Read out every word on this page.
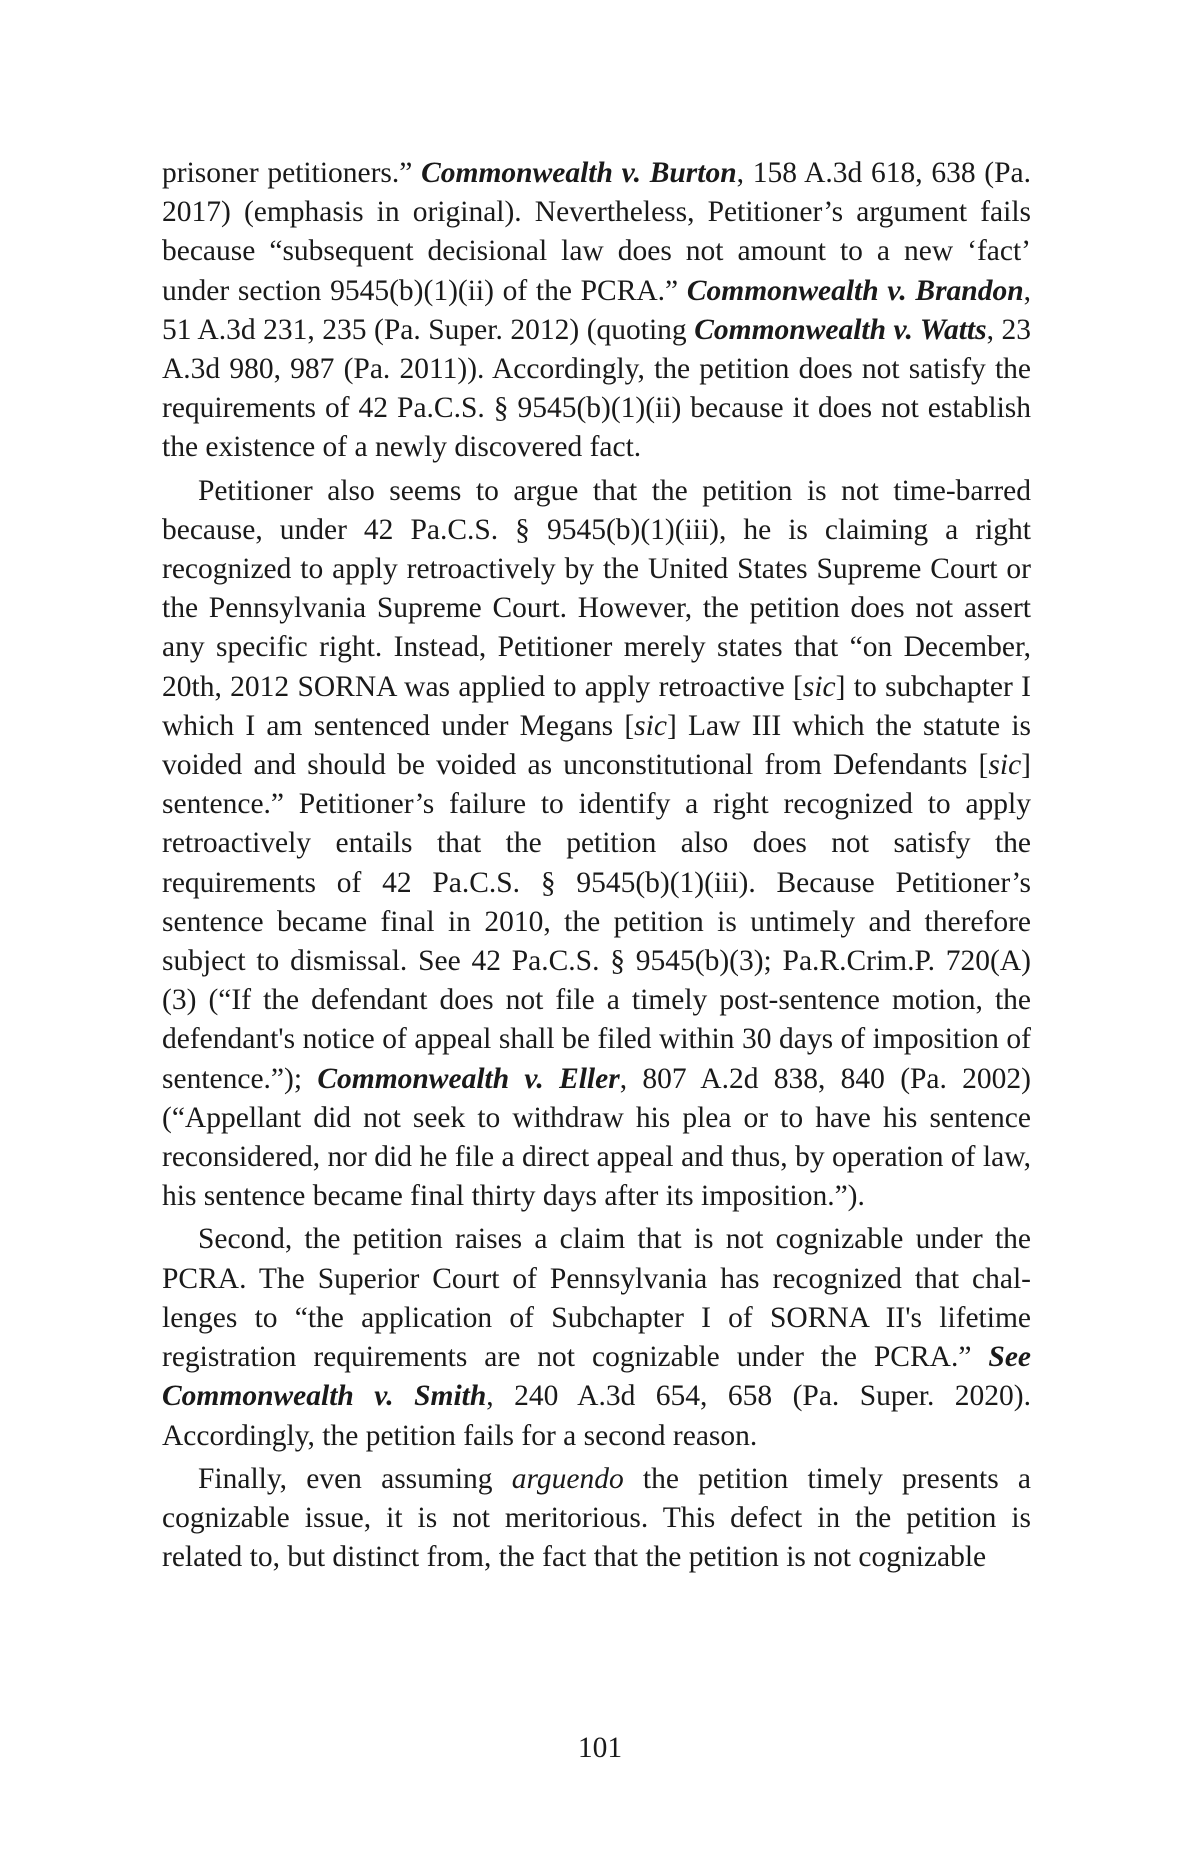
prisoner petitioners.” Commonwealth v. Burton, 158 A.3d 618, 638 (Pa. 2017) (emphasis in original). Nevertheless, Petitioner’s argument fails because “subsequent decisional law does not amount to a new ‘fact’ under section 9545(b)(1)(ii) of the PCRA.” Commonwealth v. Brandon, 51 A.3d 231, 235 (Pa. Super. 2012) (quoting Commonwealth v. Watts, 23 A.3d 980, 987 (Pa. 2011)). Accordingly, the petition does not satisfy the requirements of 42 Pa.C.S. § 9545(b)(1)(ii) because it does not establish the existence of a newly discovered fact.

Petitioner also seems to argue that the petition is not time-barred because, under 42 Pa.C.S. § 9545(b)(1)(iii), he is claiming a right recognized to apply retroactively by the United States Supreme Court or the Pennsylvania Supreme Court. However, the petition does not assert any specific right. Instead, Petitioner merely states that “on December, 20th, 2012 SORNA was applied to apply retroactive [sic] to subchapter I which I am sentenced under Megans [sic] Law III which the statute is voided and should be voided as unconstitutional from Defendants [sic] sentence.” Petitioner’s failure to identify a right recognized to apply retroactively entails that the petition also does not satisfy the requirements of 42 Pa.C.S. § 9545(b)(1)(iii). Because Petitioner’s sentence became final in 2010, the petition is untimely and therefore subject to dismissal. See 42 Pa.C.S. § 9545(b)(3); Pa.R.Crim.P. 720(A)(3) (“If the defendant does not file a timely post-sentence motion, the defendant's notice of appeal shall be filed within 30 days of imposition of sentence.”); Commonwealth v. Eller, 807 A.2d 838, 840 (Pa. 2002) (“Appellant did not seek to withdraw his plea or to have his sentence reconsidered, nor did he file a direct appeal and thus, by operation of law, his sentence became final thirty days after its imposition.”).

Second, the petition raises a claim that is not cognizable under the PCRA. The Superior Court of Pennsylvania has recognized that challenges to “the application of Subchapter I of SORNA II's lifetime registration requirements are not cognizable under the PCRA.” See Commonwealth v. Smith, 240 A.3d 654, 658 (Pa. Super. 2020). Accordingly, the petition fails for a second reason.

Finally, even assuming arguendo the petition timely presents a cognizable issue, it is not meritorious. This defect in the petition is related to, but distinct from, the fact that the petition is not cognizable

101
